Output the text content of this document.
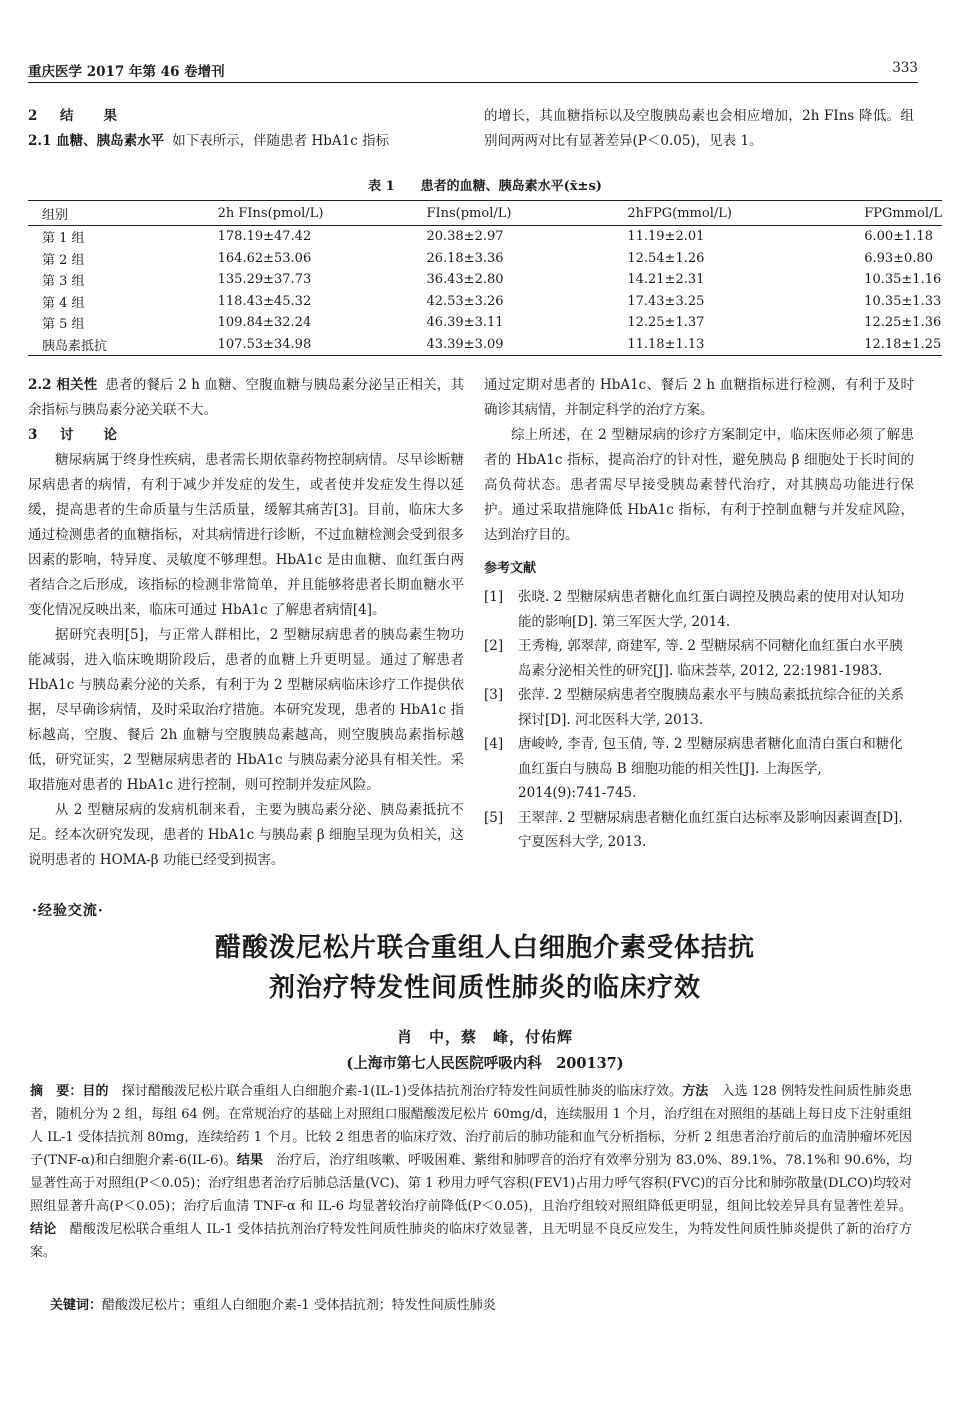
重庆医学 2017 年第 46 卷增刊	333

2 结 果

2.1 血糖、胰岛素水平 如下表所示，伴随患者 HbA1c 指标

的增长，其血糖指标以及空腹胰岛素也会相应增加，2h FIns 降低。组别间两两对比有显著差异(P＜0.05)，见表 1。

表 1 患者的血糖、胰岛素水平(x̄±s)
组别	2h FIns(pmol/L)	FIns(pmol/L)	2hFPG(mmol/L)	FPGmmol/L
第 1 组	178.19±47.42	20.38±2.97	11.19±2.01	6.00±1.18
第 2 组	164.62±53.06	26.18±3.36	12.54±1.26	6.93±0.80
第 3 组	135.29±37.73	36.43±2.80	14.21±2.31	10.35±1.16
第 4 组	118.43±45.32	42.53±3.26	17.43±3.25	10.35±1.33
第 5 组	109.84±32.24	46.39±3.11	12.25±1.37	12.25±1.36
胰岛素抵抗	107.53±34.98	43.39±3.09	11.18±1.13	12.18±1.25

2.2 相关性 患者的餐后 2 h 血糖、空腹血糖与胰岛素分泌呈正相关，其余指标与胰岛素分泌关联不大。

3 讨 论

糖尿病属于终身性疾病，患者需长期依靠药物控制病情。尽早诊断糖尿病患者的病情，有利于减少并发症的发生，或者使并发症发生得以延缓，提高患者的生命质量与生活质量，缓解其痛苦[3]。目前，临床大多通过检测患者的血糖指标，对其病情进行诊断，不过血糖检测会受到很多因素的影响，特异度、灵敏度不够理想。HbA1c 是由血糖、血红蛋白两者结合之后形成，该指标的检测非常简单，并且能够将患者长期血糖水平变化情况反映出来，临床可通过 HbA1c 了解患者病情[4]。

据研究表明[5]，与正常人群相比，2 型糖尿病患者的胰岛素生物功能减弱，进入临床晚期阶段后，患者的血糖上升更明显。通过了解患者 HbA1c 与胰岛素分泌的关系，有利于为 2 型糖尿病临床诊疗工作提供依据，尽早确诊病情，及时采取治疗措施。本研究发现，患者的 HbA1c 指标越高，空腹、餐后 2h 血糖与空腹胰岛素越高，则空腹胰岛素指标越低，研究证实，2 型糖尿病患者的 HbA1c 与胰岛素分泌具有相关性。采取措施对患者的 HbA1c 进行控制，则可控制并发症风险。

从 2 型糖尿病的发病机制来看，主要为胰岛素分泌、胰岛素抵抗不足。经本次研究发现，患者的 HbA1c 与胰岛素 β 细胞呈现为负相关，这说明患者的 HOMA-β 功能已经受到损害。

通过定期对患者的 HbA1c、餐后 2 h 血糖指标进行检测，有利于及时确诊其病情，并制定科学的治疗方案。

综上所述，在 2 型糖尿病的诊疗方案制定中，临床医师必须了解患者的 HbA1c 指标，提高治疗的针对性，避免胰岛 β 细胞处于长时间的高负荷状态。患者需尽早接受胰岛素替代治疗，对其胰岛功能进行保护。通过采取措施降低 HbA1c 指标，有利于控制血糖与并发症风险，达到治疗目的。

参考文献

[1] 张晓. 2 型糖尿病患者糖化血红蛋白调控及胰岛素的使用对认知功能的影响[D]. 第三军医大学, 2014.
[2] 王秀梅, 郭翠萍, 商建军, 等. 2 型糖尿病不同糖化血红蛋白水平胰岛素分泌相关性的研究[J]. 临床荟萃, 2012, 22:1981-1983.
[3] 张萍. 2 型糖尿病患者空腹胰岛素水平与胰岛素抵抗综合征的关系探讨[D]. 河北医科大学, 2013.
[4] 唐峻岭, 李青, 包玉倩, 等. 2 型糖尿病患者糖化血清白蛋白和糖化血红蛋白与胰岛 B 细胞功能的相关性[J]. 上海医学, 2014(9):741-745.
[5] 王翠萍. 2 型糖尿病患者糖化血红蛋白达标率及影响因素调查[D]. 宁夏医科大学, 2013.
·经验交流·
醋酸泼尼松片联合重组人白细胞介素受体拮抗
剂治疗特发性间质性肺炎的临床疗效
肖　中，蔡　峰，付佑辉
(上海市第七人民医院呼吸内科　200137)
摘　要：目的　 探讨醋酸泼尼松片联合重组人白细胞介素-1(IL-1)受体拮抗剂治疗特发性间质性肺炎的临床疗效。方法　 入选 128 例特发性间质性肺炎患者，随机分为 2 组，每组 64 例。在常规治疗的基础上对照组口服醋酸泼尼松片 60mg/d，连续服用 1 个月，治疗组在对照组的基础上每日皮下注射重组人 IL-1 受体拮抗剂 80mg，连续给药 1 个月。比较 2 组患者的临床疗效、治疗前后的肺功能和血气分析指标，分析 2 组患者治疗前后的血清肿瘤坏死因子(TNF-α)和白细胞介素-6(IL-6)。结果　 治疗后，治疗组咳嗽、呼吸困难、紫绀和肺啰音的治疗有效率分别为 83.0%、89.1%、78.1%和 90.6%，均显著性高于对照组(P＜0.05)；治疗组患者治疗后肺总活量(VC)、第 1 秒用力呼气容积(FEV1)占用力呼气容积(FVC)的百分比和肺弥散量(DLCO)均较对照组显著升高(P＜0.05)；治疗后血清 TNF-α 和 IL-6 均显著较治疗前降低(P＜0.05)，且治疗组较对照组降低更明显，组间比较差异具有显著性差异。结论　 醋酸泼尼松联合重组人 IL-1 受体拮抗剂治疗特发性间质性肺炎的临床疗效显著，且无明显不良反应发生，为特发性间质性肺炎提供了新的治疗方案。
关键词：醋酸泼尼松片；重组人白细胞介素-1 受体拮抗剂；特发性间质性肺炎
